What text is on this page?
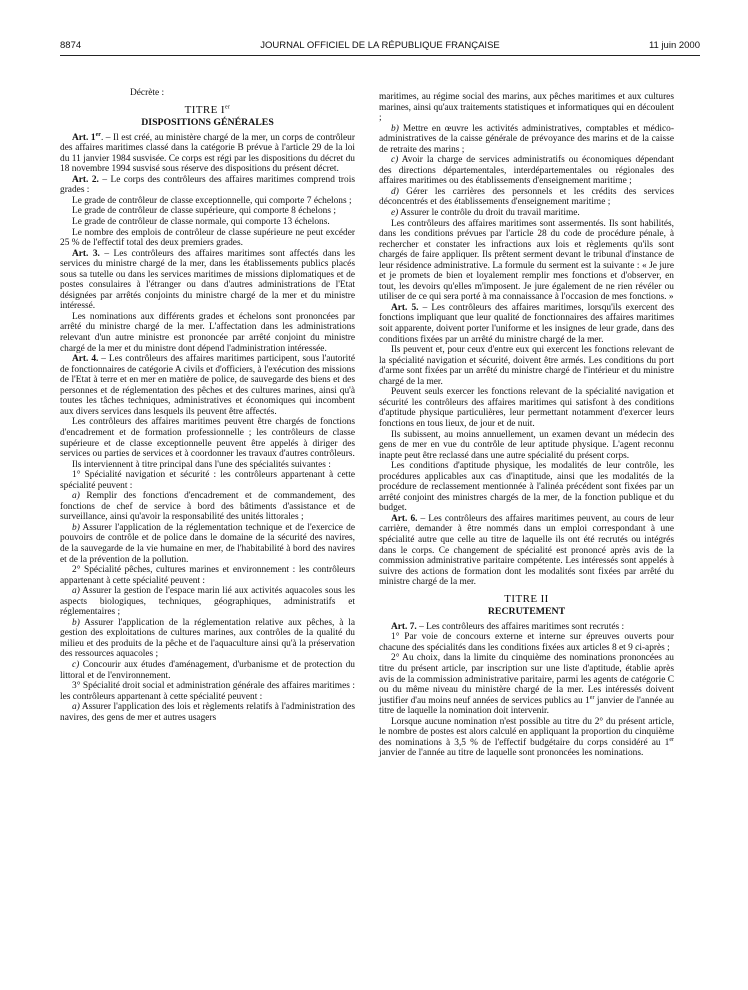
8874	JOURNAL OFFICIEL DE LA RÉPUBLIQUE FRANÇAISE	11 juin 2000

Décrète :

TITRE Ier
DISPOSITIONS GÉNÉRALES

Art. 1er. – Il est créé, au ministère chargé de la mer, un corps de contrôleur des affaires maritimes classé dans la catégorie B prévue à l'article 29 de la loi du 11 janvier 1984 susvisée. Ce corps est régi par les dispositions du décret du 18 novembre 1994 susvisé sous réserve des dispositions du présent décret.

Art. 2. – Le corps des contrôleurs des affaires maritimes comprend trois grades :

Le grade de contrôleur de classe exceptionnelle, qui comporte 7 échelons ;

Le grade de contrôleur de classe supérieure, qui comporte 8 échelons ;

Le grade de contrôleur de classe normale, qui comporte 13 échelons.

Le nombre des emplois de contrôleur de classe supérieure ne peut excéder 25 % de l'effectif total des deux premiers grades.

Art. 3. – Les contrôleurs des affaires maritimes sont affectés dans les services du ministre chargé de la mer, dans les établissements publics placés sous sa tutelle ou dans les services maritimes de missions diplomatiques et de postes consulaires à l'étranger ou dans d'autres administrations de l'Etat désignées par arrêtés conjoints du ministre chargé de la mer et du ministre intéressé.

Les nominations aux différents grades et échelons sont prononcées par arrêté du ministre chargé de la mer. L'affectation dans les administrations relevant d'un autre ministre est prononcée par arrêté conjoint du ministre chargé de la mer et du ministre dont dépend l'administration intéressée.

Art. 4. – Les contrôleurs des affaires maritimes participent, sous l'autorité de fonctionnaires de catégorie A civils et d'officiers, à l'exécution des missions de l'Etat à terre et en mer en matière de police, de sauvegarde des biens et des personnes et de réglementation des pêches et des cultures marines, ainsi qu'à toutes les tâches techniques, administratives et économiques qui incombent aux divers services dans lesquels ils peuvent être affectés.

Les contrôleurs des affaires maritimes peuvent être chargés de fonctions d'encadrement et de formation professionnelle ; les contrôleurs de classe supérieure et de classe exceptionnelle peuvent être appelés à diriger des services ou parties de services et à coordonner les travaux d'autres contrôleurs.

Ils interviennent à titre principal dans l'une des spécialités suivantes :

1° Spécialité navigation et sécurité : les contrôleurs appartenant à cette spécialité peuvent :

a) Remplir des fonctions d'encadrement et de commandement, des fonctions de chef de service à bord des bâtiments d'assistance et de surveillance, ainsi qu'avoir la responsabilité des unités littorales ;

b) Assurer l'application de la réglementation technique et de l'exercice de pouvoirs de contrôle et de police dans le domaine de la sécurité des navires, de la sauvegarde de la vie humaine en mer, de l'habitabilité à bord des navires et de la prévention de la pollution.

2° Spécialité pêches, cultures marines et environnement : les contrôleurs appartenant à cette spécialité peuvent :

a) Assurer la gestion de l'espace marin lié aux activités aquacoles sous les aspects biologiques, techniques, géographiques, administratifs et réglementaires ;

b) Assurer l'application de la réglementation relative aux pêches, à la gestion des exploitations de cultures marines, aux contrôles de la qualité du milieu et des produits de la pêche et de l'aquaculture ainsi qu'à la préservation des ressources aquacoles ;

c) Concourir aux études d'aménagement, d'urbanisme et de protection du littoral et de l'environnement.

3° Spécialité droit social et administration générale des affaires maritimes : les contrôleurs appartenant à cette spécialité peuvent :

a) Assurer l'application des lois et règlements relatifs à l'administration des navires, des gens de mer et autres usagers

maritimes, au régime social des marins, aux pêches maritimes et aux cultures marines, ainsi qu'aux traitements statistiques et informatiques qui en découlent ;

b) Mettre en œuvre les activités administratives, comptables et médico-administratives de la caisse générale de prévoyance des marins et de la caisse de retraite des marins ;

c) Avoir la charge de services administratifs ou économiques dépendant des directions départementales, interdépartementales ou régionales des affaires maritimes ou des établissements d'enseignement maritime ;

d) Gérer les carrières des personnels et les crédits des services déconcentrés et des établissements d'enseignement maritime ;

e) Assurer le contrôle du droit du travail maritime.

Les contrôleurs des affaires maritimes sont assermentés. Ils sont habilités, dans les conditions prévues par l'article 28 du code de procédure pénale, à rechercher et constater les infractions aux lois et règlements qu'ils sont chargés de faire appliquer. Ils prêtent serment devant le tribunal d'instance de leur résidence administrative. La formule du serment est la suivante : « Je jure et je promets de bien et loyalement remplir mes fonctions et d'observer, en tout, les devoirs qu'elles m'imposent. Je jure également de ne rien révéler ou utiliser de ce qui sera porté à ma connaissance à l'occasion de mes fonctions. »

Art. 5. – Les contrôleurs des affaires maritimes, lorsqu'ils exercent des fonctions impliquant que leur qualité de fonctionnaires des affaires maritimes soit apparente, doivent porter l'uniforme et les insignes de leur grade, dans des conditions fixées par un arrêté du ministre chargé de la mer.

Ils peuvent et, pour ceux d'entre eux qui exercent les fonctions relevant de la spécialité navigation et sécurité, doivent être armés. Les conditions du port d'arme sont fixées par un arrêté du ministre chargé de l'intérieur et du ministre chargé de la mer.

Peuvent seuls exercer les fonctions relevant de la spécialité navigation et sécurité les contrôleurs des affaires maritimes qui satisfont à des conditions d'aptitude physique particulières, leur permettant notamment d'exercer leurs fonctions en tous lieux, de jour et de nuit.

Ils subissent, au moins annuellement, un examen devant un médecin des gens de mer en vue du contrôle de leur aptitude physique. L'agent reconnu inapte peut être reclassé dans une autre spécialité du présent corps.

Les conditions d'aptitude physique, les modalités de leur contrôle, les procédures applicables aux cas d'inaptitude, ainsi que les modalités de la procédure de reclassement mentionnée à l'alinéa précédent sont fixées par un arrêté conjoint des ministres chargés de la mer, de la fonction publique et du budget.

Art. 6. – Les contrôleurs des affaires maritimes peuvent, au cours de leur carrière, demander à être nommés dans un emploi correspondant à une spécialité autre que celle au titre de laquelle ils ont été recrutés ou intégrés dans le corps. Ce changement de spécialité est prononcé après avis de la commission administrative paritaire compétente. Les intéressés sont appelés à suivre des actions de formation dont les modalités sont fixées par arrêté du ministre chargé de la mer.

TITRE II
RECRUTEMENT

Art. 7. – Les contrôleurs des affaires maritimes sont recrutés :

1° Par voie de concours externe et interne sur épreuves ouverts pour chacune des spécialités dans les conditions fixées aux articles 8 et 9 ci-après ;

2° Au choix, dans la limite du cinquième des nominations prononcées au titre du présent article, par inscription sur une liste d'aptitude, établie après avis de la commission administrative paritaire, parmi les agents de catégorie C ou du même niveau du ministère chargé de la mer. Les intéressés doivent justifier d'au moins neuf années de services publics au 1er janvier de l'année au titre de laquelle la nomination doit intervenir.

Lorsque aucune nomination n'est possible au titre du 2° du présent article, le nombre de postes est alors calculé en appliquant la proportion du cinquième des nominations à 3,5 % de l'effectif budgétaire du corps considéré au 1er janvier de l'année au titre de laquelle sont prononcées les nominations.
